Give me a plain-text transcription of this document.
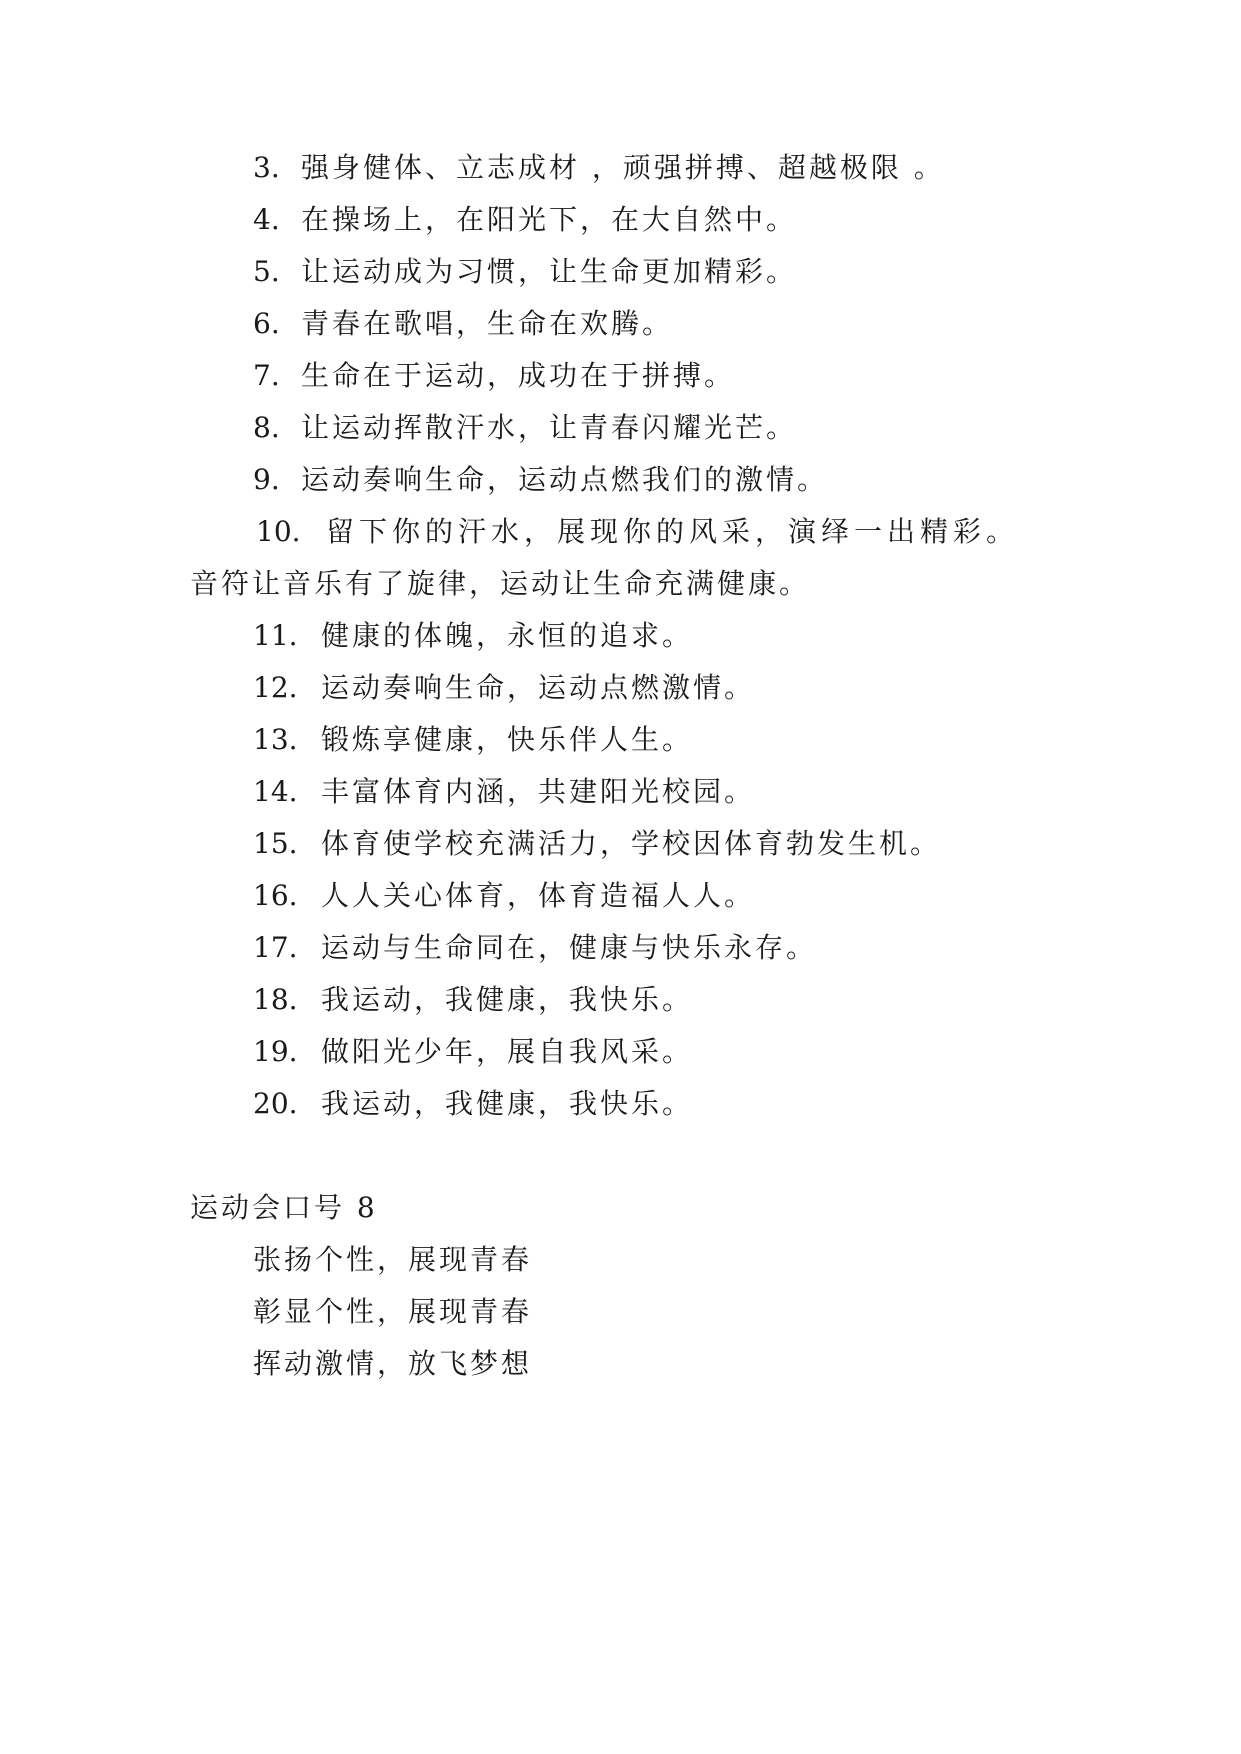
3. 强身健体、立志成材 ，顽强拼搏、超越极限 。
4. 在操场上，在阳光下，在大自然中。
5. 让运动成为习惯，让生命更加精彩。
6. 青春在歌唱，生命在欢腾。
7. 生命在于运动，成功在于拼搏。
8. 让运动挥散汗水，让青春闪耀光芒。
9. 运动奏响生命，运动点燃我们的激情。
10. 留下你的汗水，展现你的风采，演绎一出精彩。
音符让音乐有了旋律，运动让生命充满健康。
11. 健康的体魄，永恒的追求。
12. 运动奏响生命，运动点燃激情。
13. 锻炼享健康，快乐伴人生。
14. 丰富体育内涵，共建阳光校园。
15. 体育使学校充满活力，学校因体育勃发生机。
16. 人人关心体育，体育造福人人。
17. 运动与生命同在，健康与快乐永存。
18. 我运动，我健康，我快乐。
19. 做阳光少年，展自我风采。
20. 我运动，我健康，我快乐。
运动会口号 8
张扬个性，展现青春
彰显个性，展现青春
挥动激情，放飞梦想
